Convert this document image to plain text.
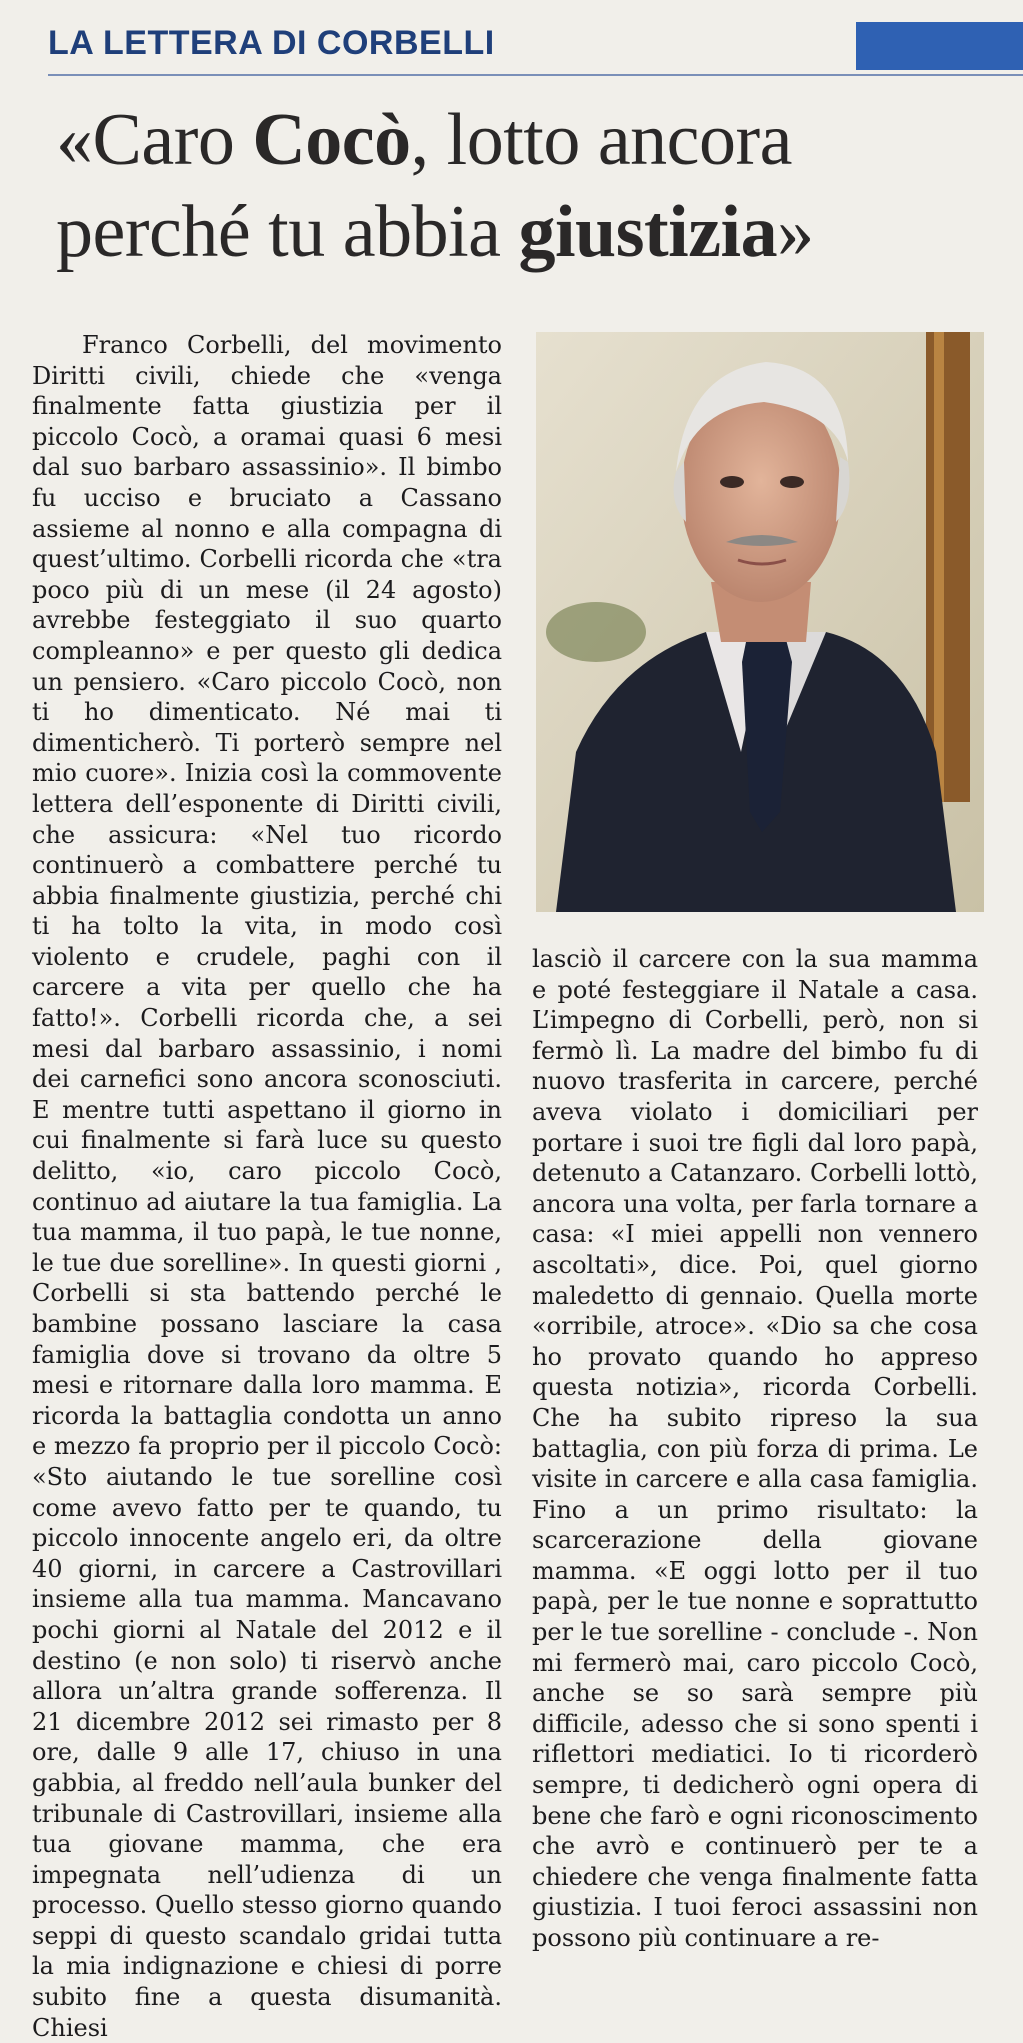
LA LETTERA DI CORBELLI
«Caro Cocò, lotto ancora
perché tu abbia giustizia»

Franco Corbelli, del movimento Diritti civili, chiede che «venga finalmente fatta giustizia per il piccolo Cocò, a oramai quasi 6 mesi dal suo barbaro assassinio». Il bimbo fu ucciso e bruciato a Cassano assieme al nonno e alla compagna di quest’ultimo. Corbelli ricorda che «tra poco più di un mese (il 24 agosto) avrebbe festeggiato il suo quarto compleanno» e per questo gli dedica un pensiero. «Caro piccolo Cocò, non ti ho dimenticato. Né mai ti dimenticherò. Ti porterò sempre nel mio cuore». Inizia così la commovente lettera dell’esponente di Diritti civili, che assicura: «Nel tuo ricordo continuerò a combattere perché tu abbia finalmente giustizia, perché chi ti ha tolto la vita, in modo così violento e crudele, paghi con il carcere a vita per quello che ha fatto!». Corbelli ricorda che, a sei mesi dal barbaro assassinio, i nomi dei carnefici sono ancora sconosciuti. E mentre tutti aspettano il giorno in cui finalmente si farà luce su questo delitto, «io, caro piccolo Cocò, continuo ad aiutare la tua famiglia. La tua mamma, il tuo papà, le tue nonne, le tue due sorelline». In questi giorni , Corbelli si sta battendo perché le bambine possano lasciare la casa famiglia dove si trovano da oltre 5 mesi e ritornare dalla loro mamma. E ricorda la battaglia condotta un anno e mezzo fa proprio per il piccolo Cocò: «Sto aiutando le tue sorelline così come avevo fatto per te quando, tu piccolo innocente angelo eri, da oltre 40 giorni, in carcere a Castrovillari insieme alla tua mamma. Mancavano pochi giorni al Natale del 2012 e il destino (e non solo) ti riservò anche allora un’altra grande sofferenza. Il 21 dicembre 2012 sei rimasto per 8 ore, dalle 9 alle 17, chiuso in una gabbia, al freddo nell’aula bunker del tribunale di Castrovillari, insieme alla tua giovane mamma, che era impegnata nell’udienza di un processo. Quello stesso giorno quando seppi di questo scandalo gridai tutta la mia indignazione e chiesi di porre subito fine a questa disumanità. Chiesi

lasciò il carcere con la sua mamma e poté festeggiare il Natale a casa. L’impegno di Corbelli, però, non si fermò lì. La madre del bimbo fu di nuovo trasferita in carcere, perché aveva violato i domiciliari per portare i suoi tre figli dal loro papà, detenuto a Catanzaro. Corbelli lottò, ancora una volta, per farla tornare a casa: «I miei appelli non vennero ascoltati», dice. Poi, quel giorno maledetto di gennaio. Quella morte «orribile, atroce». «Dio sa che cosa ho provato quando ho appreso questa notizia», ricorda Corbelli. Che ha subito ripreso la sua battaglia, con più forza di prima. Le visite in carcere e alla casa famiglia. Fino a un primo risultato: la scarcerazione della giovane mamma. «E oggi lotto per il tuo papà, per le tue nonne e soprattutto per le tue sorelline - conclude -. Non mi fermerò mai, caro piccolo Cocò, anche se so sarà sempre più difficile, adesso che si sono spenti i riflettori mediatici. Io ti ricorderò sempre, ti dedicherò ogni opera di bene che farò e ogni riconoscimento che avrò e continuerò per te a chiedere che venga finalmente fatta giustizia. I tuoi feroci assassini non possono più continuare a re-
